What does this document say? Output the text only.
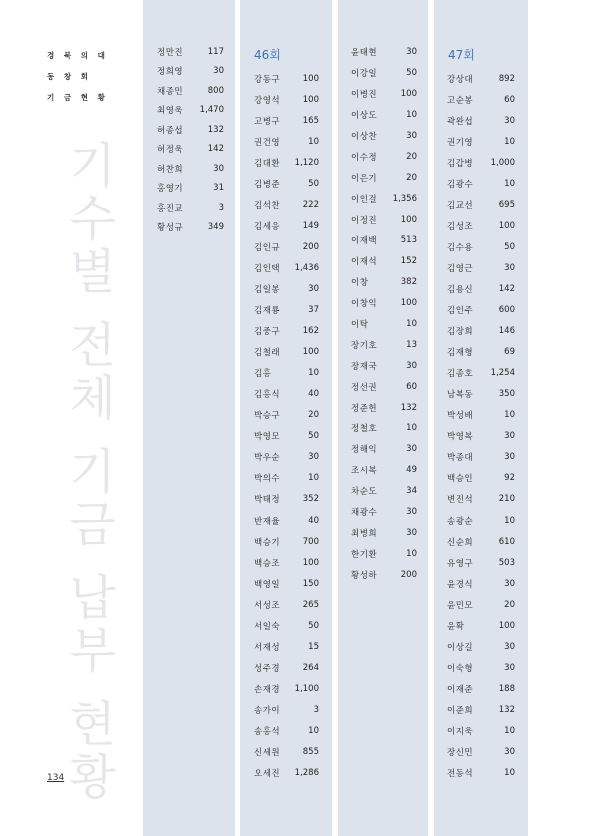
경 북 의 대
동 창 회
기 금 현 황
기수별 전체 기금 납부 현황
134
정만진	117
정희영	30
채종민	800
최영욱 1,470
허종섭	132
허정욱	142
허찬희	30
홍영기	31
홍진교	3
황성규	349
46회
강동구	100
강영석	100
고병구	165
권건영	10
김대환 1,120
김병준	50
김석찬	222
김세응	149
김인규	200
김인택 1,436
김일봉	30
김재룡	37
김중구	162
김철래	100
김홍	10
김홍식	40
박승구	20
박영모	50
박우순	30
박의수	10
박태정	352
반재율	40
백승기	700
백승조	100
백영일	150
서성조	265
서일숙	50
서재성	15
성주경	264
손재경 1,100
송가이	3
송홍석	10
신세원	855
오세진 1,286
윤태현	30
이강일	50
이병진	100
이상도	10
이상찬	30
이수정	20
이은기	20
이인걸 1,356
이정진	100
이재백	513
이재석	152
이창	382
이창익	100
이탁	10
장기호	13
장재국	30
정선권	60
정준헌	132
정철호	10
정해익	30
조시복	49
차순도	34
채광수	30
최병희	30
한기환	10
황성하	200
47회
강상대	892
고순봉	60
곽완섭	30
권기영	10
김갑병 1,000
김광수	10
김교선	695
김성조	100
김수용	50
김영근	30
김용신	142
김인주	600
김장희	146
김재형	69
김종호 1,254
남복동	350
박성배	10
박영복	30
박종대	30
백승인	92
변진석	210
송광순	10
신순희	610
유영구	503
윤경식	30
윤민모	20
윤확	100
이상길	30
이숙형	30
이재준	188
이준희	132
이지욱	10
장신민	30
전동석	10
